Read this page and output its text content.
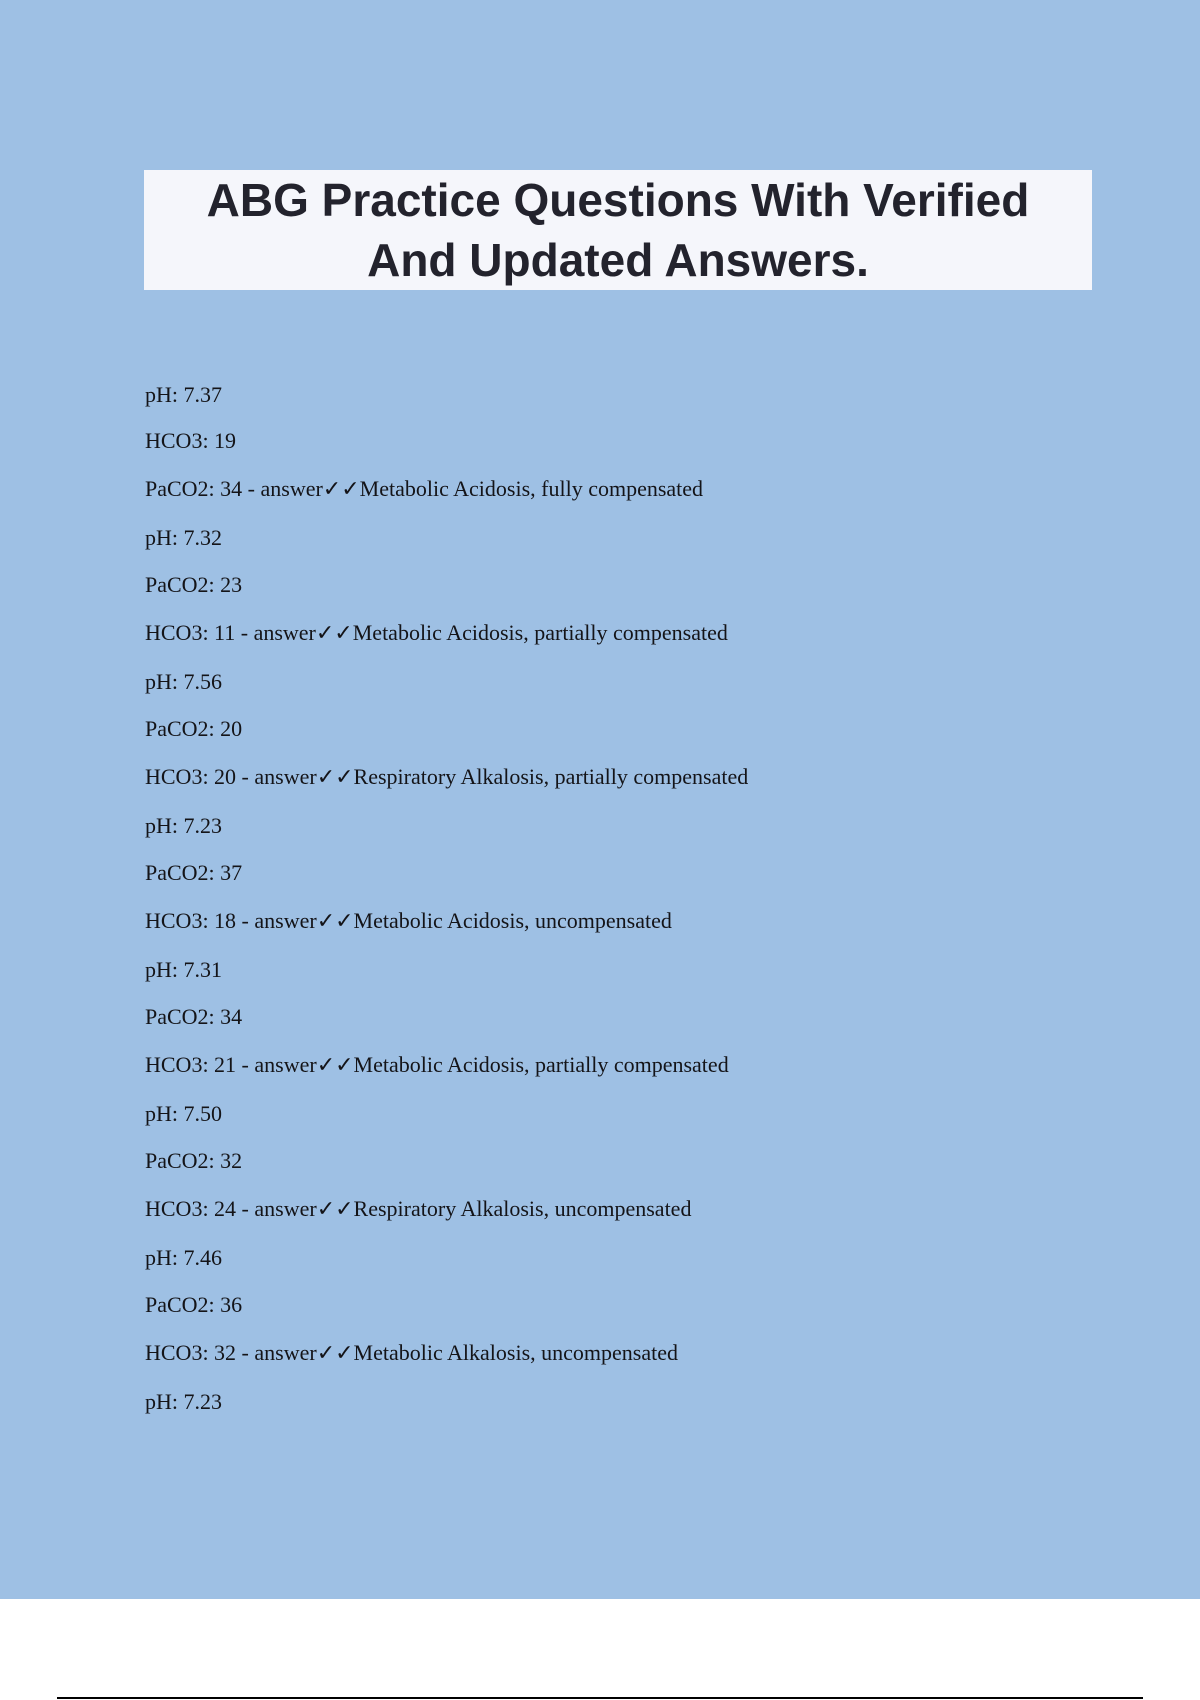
ABG Practice Questions With Verified
And Updated Answers.
pH: 7.37
HCO3: 19
PaCO2: 34 - answer✓✓Metabolic Acidosis, fully compensated
pH: 7.32
PaCO2: 23
HCO3: 11 - answer✓✓Metabolic Acidosis, partially compensated
pH: 7.56
PaCO2: 20
HCO3: 20 - answer✓✓Respiratory Alkalosis, partially compensated
pH: 7.23
PaCO2: 37
HCO3: 18 - answer✓✓Metabolic Acidosis, uncompensated
pH: 7.31
PaCO2: 34
HCO3: 21 - answer✓✓Metabolic Acidosis, partially compensated
pH: 7.50
PaCO2: 32
HCO3: 24 - answer✓✓Respiratory Alkalosis, uncompensated
pH: 7.46
PaCO2: 36
HCO3: 32 - answer✓✓Metabolic Alkalosis, uncompensated
pH: 7.23
